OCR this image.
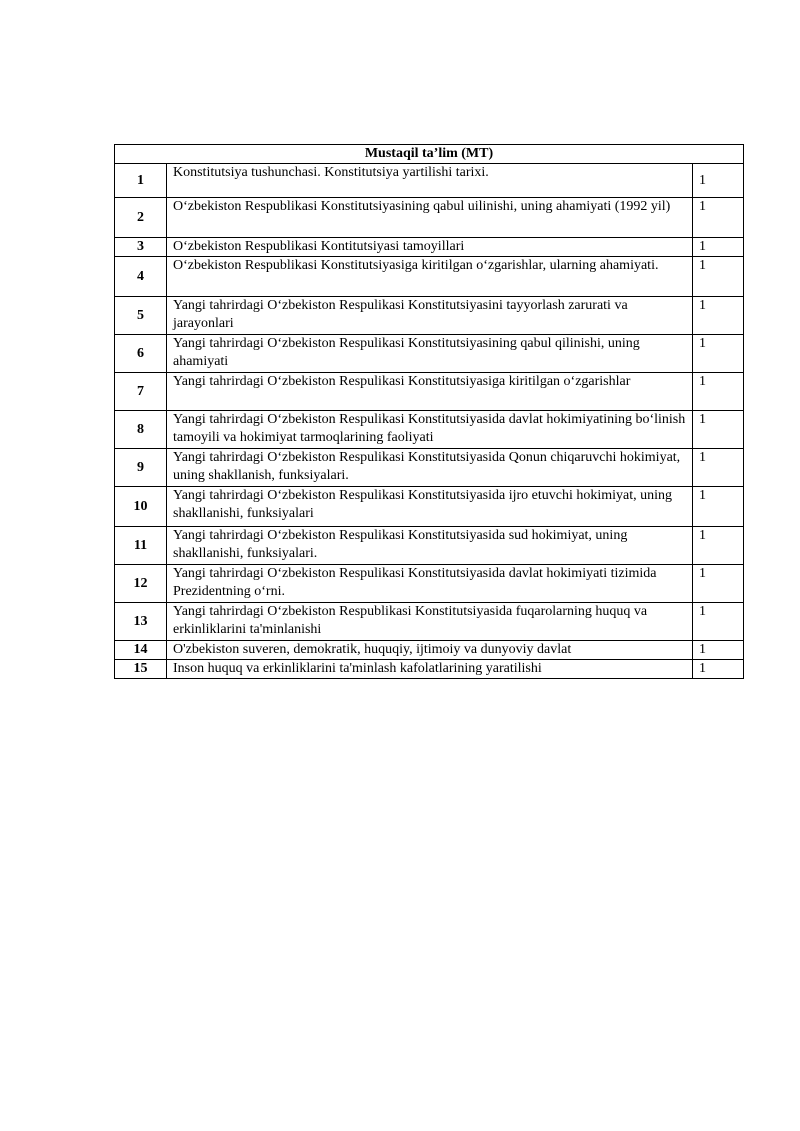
Mustaqil ta’lim (MT)		
1	Konstitutsiya tushunchasi. Konstitutsiya yartilishi tarixi.	1
2	O‘zbekiston Respublikasi Konstitutsiyasining qabul uilinishi, uning ahamiyati (1992 yil)	1
3	O‘zbekiston Respublikasi Kontitutsiyasi tamoyillari	1
4	O‘zbekiston Respublikasi Konstitutsiyasiga kiritilgan o‘zgarishlar, ularning ahamiyati.	1
5	Yangi tahrirdagi O‘zbekiston Respulikasi Konstitutsiyasini tayyorlash zarurati va jarayonlari	1
6	Yangi tahrirdagi O‘zbekiston Respulikasi Konstitutsiyasining qabul qilinishi, uning ahamiyati	1
7	Yangi tahrirdagi O‘zbekiston Respulikasi Konstitutsiyasiga kiritilgan o‘zgarishlar	1
8	Yangi tahrirdagi O‘zbekiston Respulikasi Konstitutsiyasida davlat hokimiyatining bo‘linish tamoyili va hokimiyat tarmoqlarining faoliyati	1
9	Yangi tahrirdagi O‘zbekiston Respulikasi Konstitutsiyasida Qonun chiqaruvchi hokimiyat, uning shakllanish, funksiyalari.	1
10	Yangi tahrirdagi O‘zbekiston Respulikasi Konstitutsiyasida ijro etuvchi hokimiyat, uning shakllanishi, funksiyalari	1
11	Yangi tahrirdagi O‘zbekiston Respulikasi Konstitutsiyasida sud hokimiyat, uning shakllanishi, funksiyalari.	1
12	Yangi tahrirdagi O‘zbekiston Respulikasi Konstitutsiyasida davlat hokimiyati tizimida Prezidentning o‘rni.	1
13	Yangi tahrirdagi O‘zbekiston Respublikasi Konstitutsiyasida fuqarolarning huquq va erkinliklarini ta'minlanishi	1
14	O'zbekiston suveren, demokratik, huquqiy, ijtimoiy va dunyoviy davlat	1
15	Inson huquq va erkinliklarini ta'minlash kafolatlarining yaratilishi	1
